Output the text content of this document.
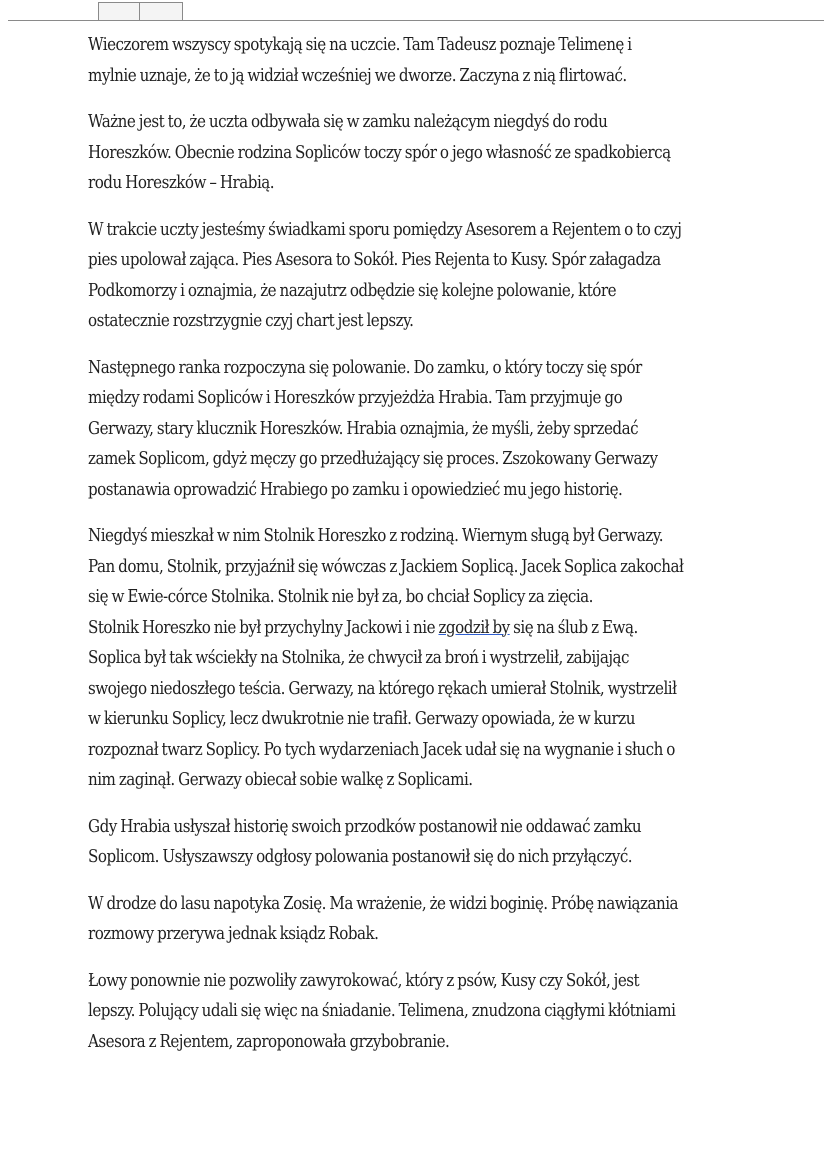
Wieczorem wszyscy spotykają się na uczcie. Tam Tadeusz poznaje Telimenę i
mylnie uznaje, że to ją widział wcześniej we dworze. Zaczyna z nią flirtować.

Ważne jest to, że uczta odbywała się w zamku należącym niegdyś do rodu
Horeszków. Obecnie rodzina Sopliców toczy spór o jego własność ze spadkobiercą
rodu Horeszków – Hrabią.

W trakcie uczty jesteśmy świadkami sporu pomiędzy Asesorem a Rejentem o to czyj
pies upolował zająca. Pies Asesora to Sokół. Pies Rejenta to Kusy. Spór załagadza
Podkomorzy i oznajmia, że nazajutrz odbędzie się kolejne polowanie, które
ostatecznie rozstrzygnie czyj chart jest lepszy.

Następnego ranka rozpoczyna się polowanie. Do zamku, o który toczy się spór
między rodami Sopliców i Horeszków przyjeżdża Hrabia. Tam przyjmuje go
Gerwazy, stary klucznik Horeszków. Hrabia oznajmia, że myśli, żeby sprzedać
zamek Soplicom, gdyż męczy go przedłużający się proces. Zszokowany Gerwazy
postanawia oprowadzić Hrabiego po zamku i opowiedzieć mu jego historię.

Niegdyś mieszkał w nim Stolnik Horeszko z rodziną. Wiernym sługą był Gerwazy.
Pan domu, Stolnik, przyjaźnił się wówczas z Jackiem Soplicą. Jacek Soplica zakochał
się w Ewie-córce Stolnika. Stolnik nie był za, bo chciał Soplicy za zięcia.
Stolnik Horeszko nie był przychylny Jackowi i nie zgodził by się na ślub z Ewą.
Soplica był tak wściekły na Stolnika, że chwycił za broń i wystrzelił, zabijając
swojego niedoszłego teścia. Gerwazy, na którego rękach umierał Stolnik, wystrzelił
w kierunku Soplicy, lecz dwukrotnie nie trafił. Gerwazy opowiada, że w kurzu
rozpoznał twarz Soplicy. Po tych wydarzeniach Jacek udał się na wygnanie i słuch o
nim zaginął. Gerwazy obiecał sobie walkę z Soplicami.

Gdy Hrabia usłyszał historię swoich przodków postanowił nie oddawać zamku
Soplicom. Usłyszawszy odgłosy polowania postanowił się do nich przyłączyć.

W drodze do lasu napotyka Zosię. Ma wrażenie, że widzi boginię. Próbę nawiązania
rozmowy przerywa jednak ksiądz Robak.

Łowy ponownie nie pozwoliły zawyrokować, który z psów, Kusy czy Sokół, jest
lepszy. Polujący udali się więc na śniadanie. Telimena, znudzona ciągłymi kłótniami
Asesora z Rejentem, zaproponowała grzybobranie.
